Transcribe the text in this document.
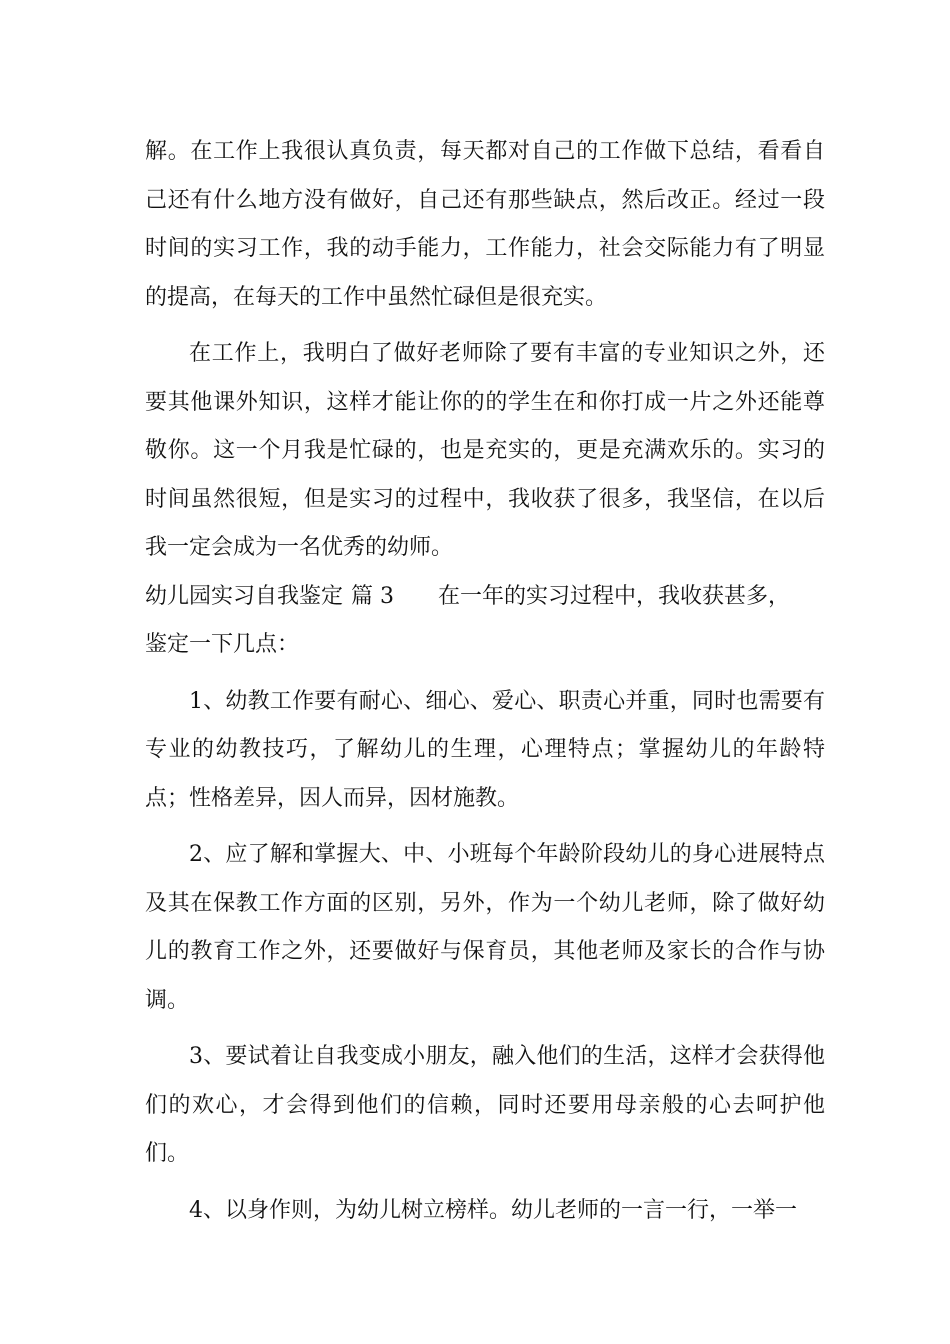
解。在工作上我很认真负责，每天都对自己的工作做下总结，看看自己还有什么地方没有做好，自己还有那些缺点，然后改正。经过一段时间的实习工作，我的动手能力，工作能力，社会交际能力有了明显的提高，在每天的工作中虽然忙碌但是很充实。

在工作上，我明白了做好老师除了要有丰富的专业知识之外，还要其他课外知识，这样才能让你的的学生在和你打成一片之外还能尊敬你。这一个月我是忙碌的，也是充实的，更是充满欢乐的。实习的时间虽然很短，但是实习的过程中，我收获了很多，我坚信，在以后我一定会成为一名优秀的幼师。

幼儿园实习自我鉴定 篇 3 在一年的实习过程中，我收获甚多，

鉴定一下几点：

1、幼教工作要有耐心、细心、爱心、职责心并重，同时也需要有专业的幼教技巧，了解幼儿的生理，心理特点；掌握幼儿的年龄特点；性格差异，因人而异，因材施教。

2、应了解和掌握大、中、小班每个年龄阶段幼儿的身心进展特点及其在保教工作方面的区别，另外，作为一个幼儿老师，除了做好幼儿的教育工作之外，还要做好与保育员，其他老师及家长的合作与协调。

3、要试着让自我变成小朋友，融入他们的生活，这样才会获得他们的欢心，才会得到他们的信赖，同时还要用母亲般的心去呵护他们。

4、以身作则，为幼儿树立榜样。幼儿老师的一言一行，一举一
